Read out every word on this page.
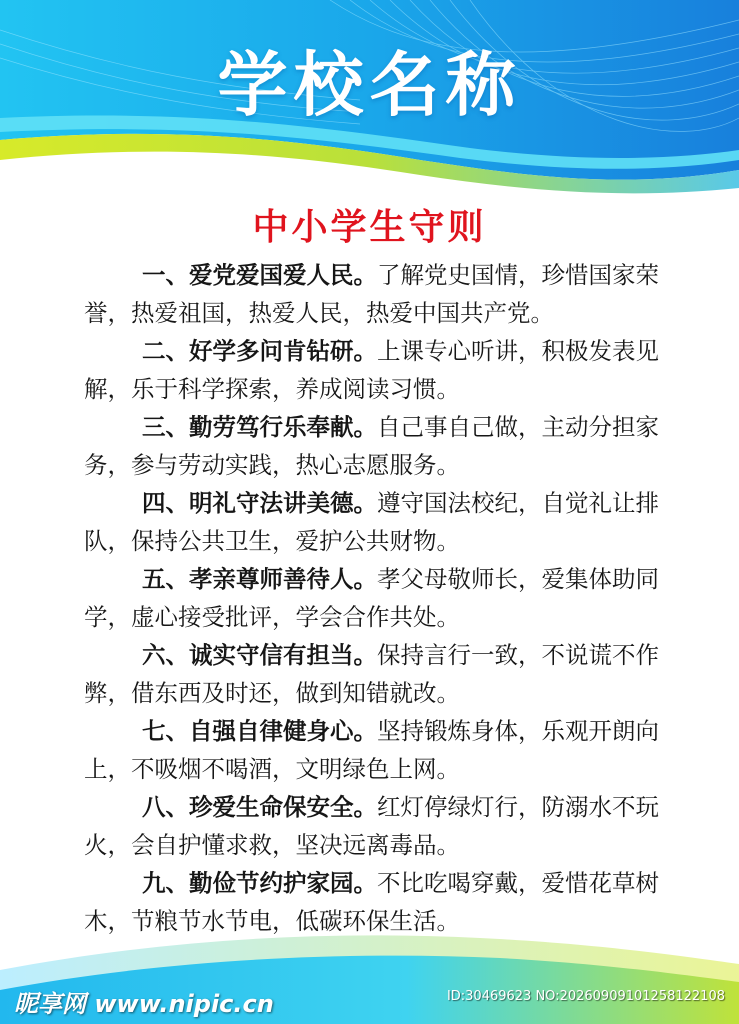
学校名称
中小学生守则

一、爱党爱国爱人民。了解党史国情，珍惜国家荣誉，热爱祖国，热爱人民，热爱中国共产党。

二、好学多问肯钻研。上课专心听讲，积极发表见解，乐于科学探索，养成阅读习惯。

三、勤劳笃行乐奉献。自己事自己做，主动分担家务，参与劳动实践，热心志愿服务。

四、明礼守法讲美德。遵守国法校纪，自觉礼让排队，保持公共卫生，爱护公共财物。

五、孝亲尊师善待人。孝父母敬师长，爱集体助同学，虚心接受批评，学会合作共处。

六、诚实守信有担当。保持言行一致，不说谎不作弊，借东西及时还，做到知错就改。

七、自强自律健身心。坚持锻炼身体，乐观开朗向上，不吸烟不喝酒，文明绿色上网。

八、珍爱生命保安全。红灯停绿灯行，防溺水不玩火，会自护懂求救，坚决远离毒品。

九、勤俭节约护家园。不比吃喝穿戴，爱惜花草树木，节粮节水节电，低碳环保生活。

昵享网 www.nipic.cn	ID:30469623 NO:20260909101258122108
